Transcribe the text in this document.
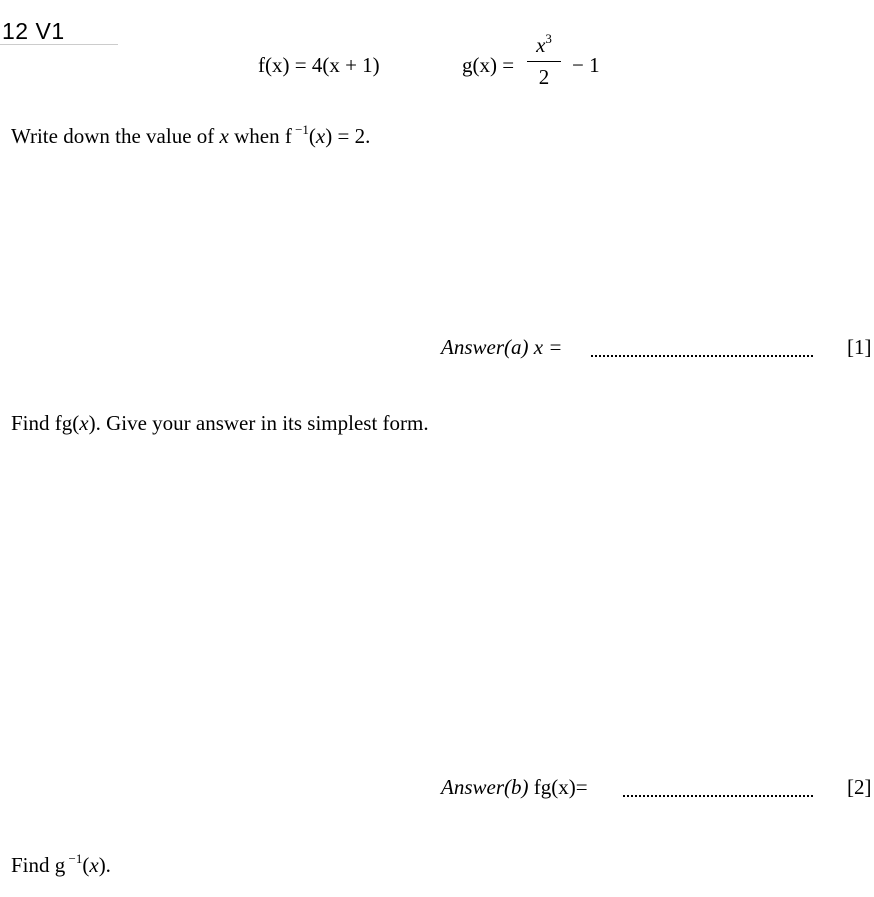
12 V1
f(x) = 4(x + 1)	g(x) =
$x^3$
2	− 1
Write down the value of x when f $^{-1}$(x) = 2.
Answer(a) x =	[1]
Find fg(x). Give your answer in its simplest form.
Answer(b) fg(x)=	[2]
Find g $^{-1}$(x).
